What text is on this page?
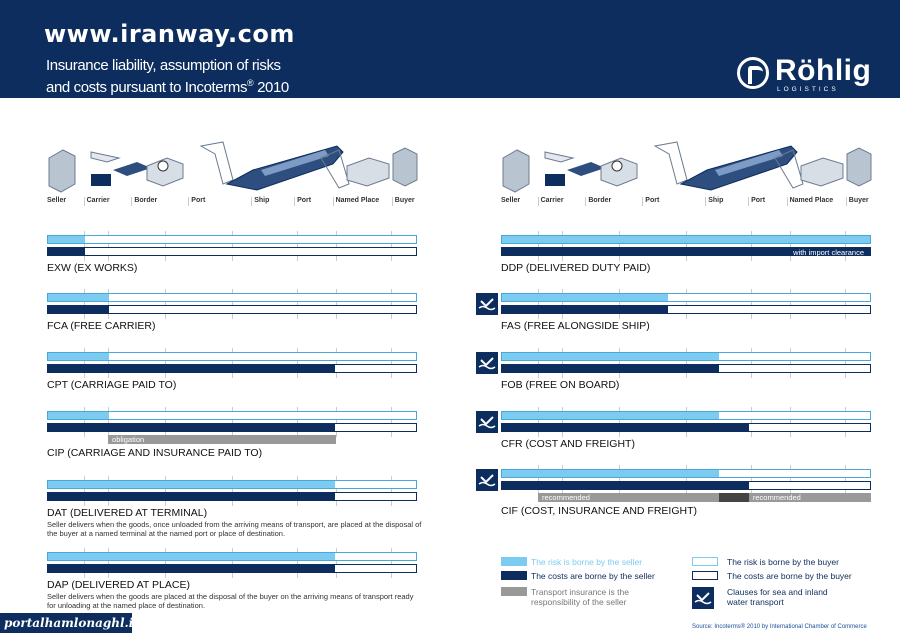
www.iranway.com
Insurance liability, assumption of risks
and costs pursuant to Incoterms® 2010
Röhlig
LOGISTICS
Seller	Carrier	Border	Port	Ship	Port	Named Place Buyer	Seller	Carrier	Border	Port	Ship	Port	Named Place Buyer
EXW (EX WORKS)
FCA (FREE CARRIER)
CPT (CARRIAGE PAID TO)
obligation
CIP (CARRIAGE AND INSURANCE PAID TO)
DAT (DELIVERED AT TERMINAL)
Seller delivers when the goods, once unloaded from the arriving means of transport, are placed at the disposal of the buyer at a named terminal at the named port or place of destination.
DAP (DELIVERED AT PLACE)
Seller delivers when the goods are placed at the disposal of the buyer on the arriving means of transport ready for unloading at the named place of destination.
with import clearance
DDP (DELIVERED DUTY PAID)
FAS (FREE ALONGSIDE SHIP)
FOB (FREE ON BOARD)
CFR (COST AND FREIGHT)
recommended	recommended
CIF (COST, INSURANCE AND FREIGHT)
The risk is borne by the seller
The costs are borne by the seller
Transport insurance is the responsibility of the seller
The risk is borne by the buyer
The costs are borne by the buyer
Clauses for sea and inland water transport
portalhamlonaghl.ir/	Source: Incoterms® 2010 by International Chamber of Commerce
